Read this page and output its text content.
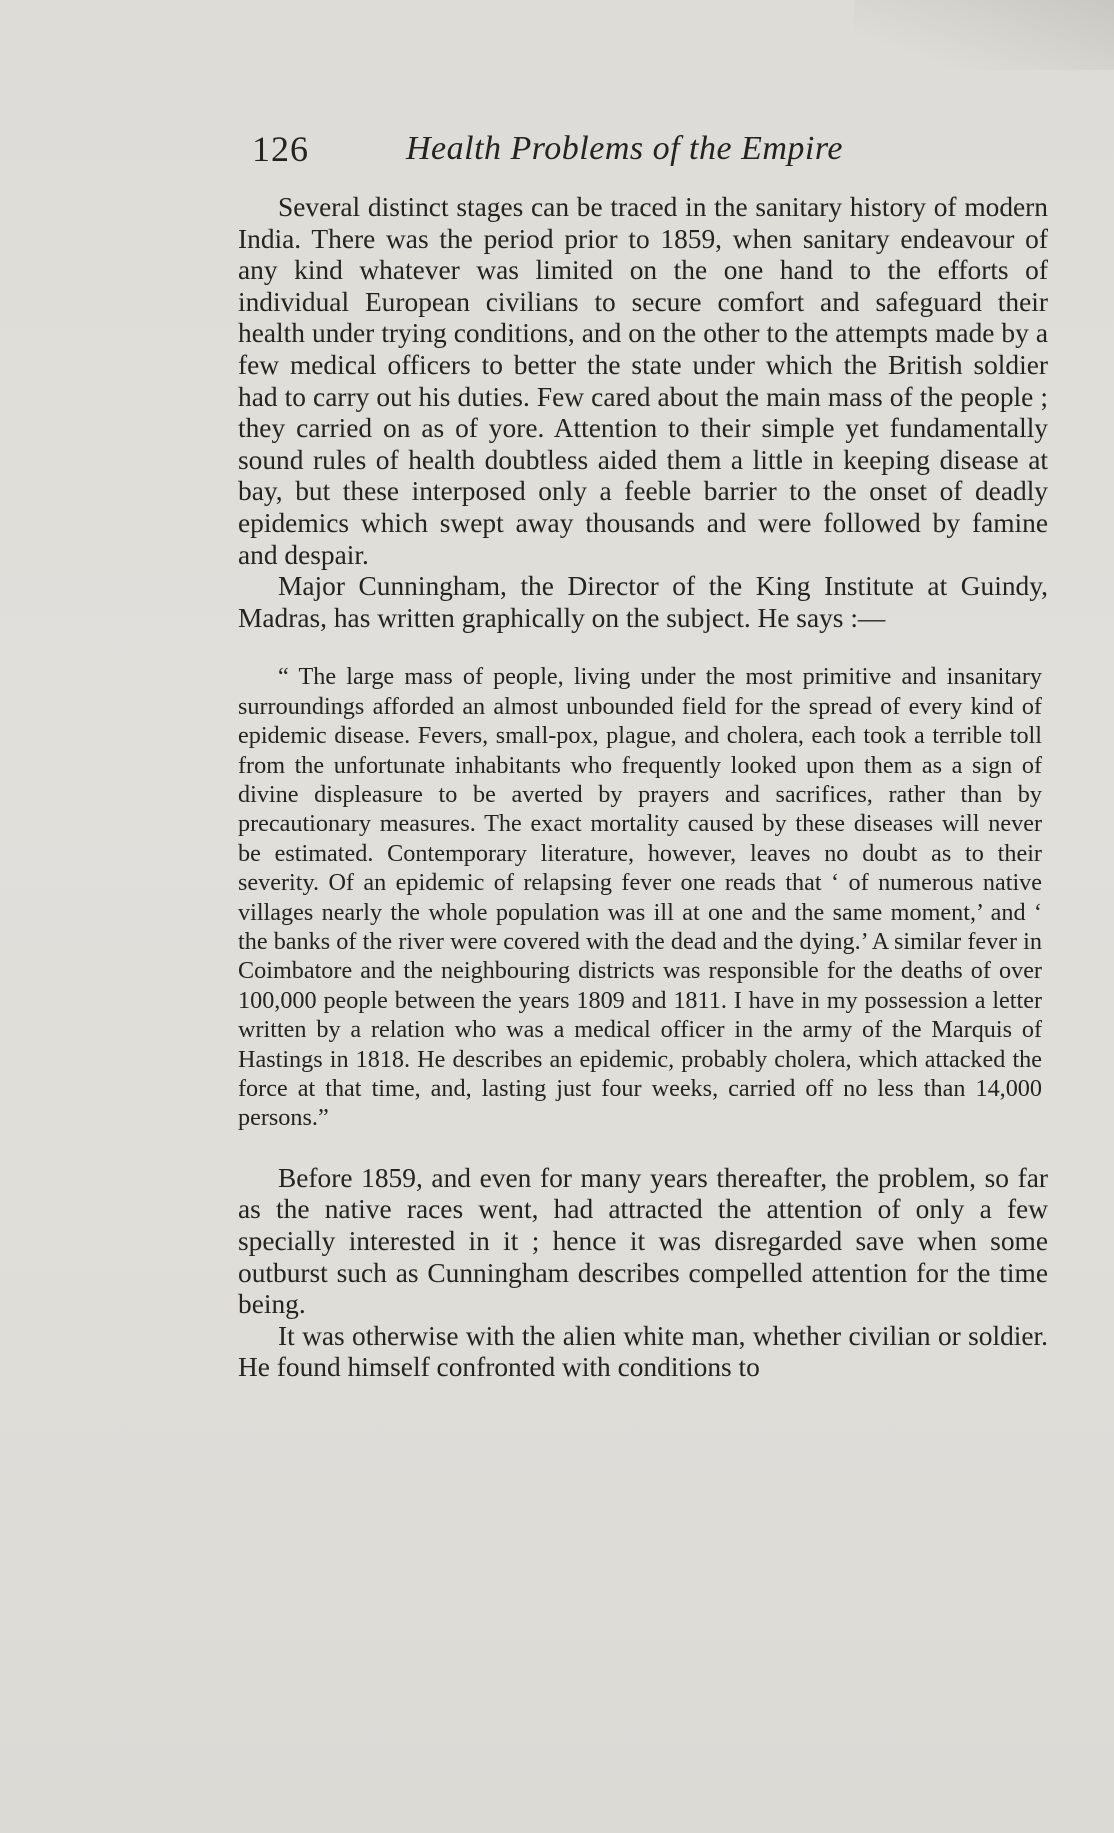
126	Health Problems of the Empire

Several distinct stages can be traced in the sanitary history of modern India. There was the period prior to 1859, when sanitary endeavour of any kind whatever was limited on the one hand to the efforts of individual European civilians to secure comfort and safeguard their health under trying conditions, and on the other to the attempts made by a few medical officers to better the state under which the British soldier had to carry out his duties. Few cared about the main mass of the people ; they carried on as of yore. Attention to their simple yet fundamentally sound rules of health doubtless aided them a little in keeping disease at bay, but these interposed only a feeble barrier to the onset of deadly epidemics which swept away thousands and were followed by famine and despair.

Major Cunningham, the Director of the King Institute at Guindy, Madras, has written graphically on the subject. He says :—

“ The large mass of people, living under the most primitive and insanitary surroundings afforded an almost unbounded field for the spread of every kind of epidemic disease. Fevers, small-pox, plague, and cholera, each took a terrible toll from the unfortunate inhabitants who frequently looked upon them as a sign of divine displeasure to be averted by prayers and sacrifices, rather than by precautionary measures. The exact mortality caused by these diseases will never be estimated. Contemporary literature, however, leaves no doubt as to their severity. Of an epidemic of relapsing fever one reads that ‘ of numerous native villages nearly the whole population was ill at one and the same moment,’ and ‘ the banks of the river were covered with the dead and the dying.’ A similar fever in Coimbatore and the neighbouring districts was responsible for the deaths of over 100,000 people between the years 1809 and 1811. I have in my possession a letter written by a relation who was a medical officer in the army of the Marquis of Hastings in 1818. He describes an epidemic, probably cholera, which attacked the force at that time, and, lasting just four weeks, carried off no less than 14,000 persons.”

Before 1859, and even for many years thereafter, the problem, so far as the native races went, had attracted the attention of only a few specially interested in it ; hence it was disregarded save when some outburst such as Cunningham describes compelled attention for the time being.

It was otherwise with the alien white man, whether civilian or soldier. He found himself confronted with conditions to
